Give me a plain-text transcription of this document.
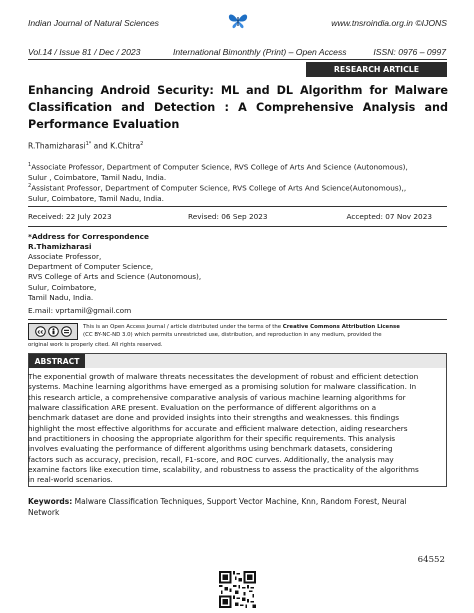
Indian Journal of Natural Sciences	www.tnsroindia.org.in ©IJONS
Vol.14 / Issue 81 / Dec / 2023	International Bimonthly (Print) – Open Access	ISSN: 0976 – 0997
RESEARCH ARTICLE
Enhancing Android Security: ML and DL Algorithm for Malware Classification and Detection : A Comprehensive Analysis and Performance Evaluation
R.Thamizharasi$^{1*}$ and K.Chitra$^2$
$^1$Associate Professor, Department of Computer Science, RVS College of Arts And Science (Autonomous),
Sulur , Coimbatore, Tamil Nadu, India.
$^2$Assistant Professor, Department of Computer Science, RVS College of Arts And Science(Autonomous),,
Sulur, Coimbatore, Tamil Nadu, India.
Received: 22 July 2023	Revised: 06 Sep 2023	Accepted: 07 Nov 2023
*Address for Correspondence
R.Thamizharasi
Associate Professor,
Department of Computer Science,
RVS College of Arts and Science (Autonomous),
Sulur, Coimbatore,
Tamil Nadu, India.
E.mail: vprtamil@gmail.com
cc
This is an Open Access Journal / article distributed under the terms of the Creative Commons Attribution License
(CC BY-NC-ND 3.0) which permits unrestricted use, distribution, and reproduction in any medium, provided the
original work is properly cited. All rights reserved.
ABSTRACT
The exponential growth of malware threats necessitates the development of robust and efficient detection
systems. Machine learning algorithms have emerged as a promising solution for malware classification. In
this research article, a comprehensive comparative analysis of various machine learning algorithms for
malware classification ARE present. Evaluation on the performance of different algorithms on a
benchmark dataset are done and provided insights into their strengths and weaknesses. this findings
highlight the most effective algorithms for accurate and efficient malware detection, aiding researchers
and practitioners in choosing the appropriate algorithm for their specific requirements. This analysis
involves evaluating the performance of different algorithms using benchmark datasets, considering
factors such as accuracy, precision, recall, F1-score, and ROC curves. Additionally, the analysis may
examine factors like execution time, scalability, and robustness to assess the practicality of the algorithms
in real-world scenarios.
Keywords: Malware Classification Techniques, Support Vector Machine, Knn, Random Forest, Neural
Network
64552
